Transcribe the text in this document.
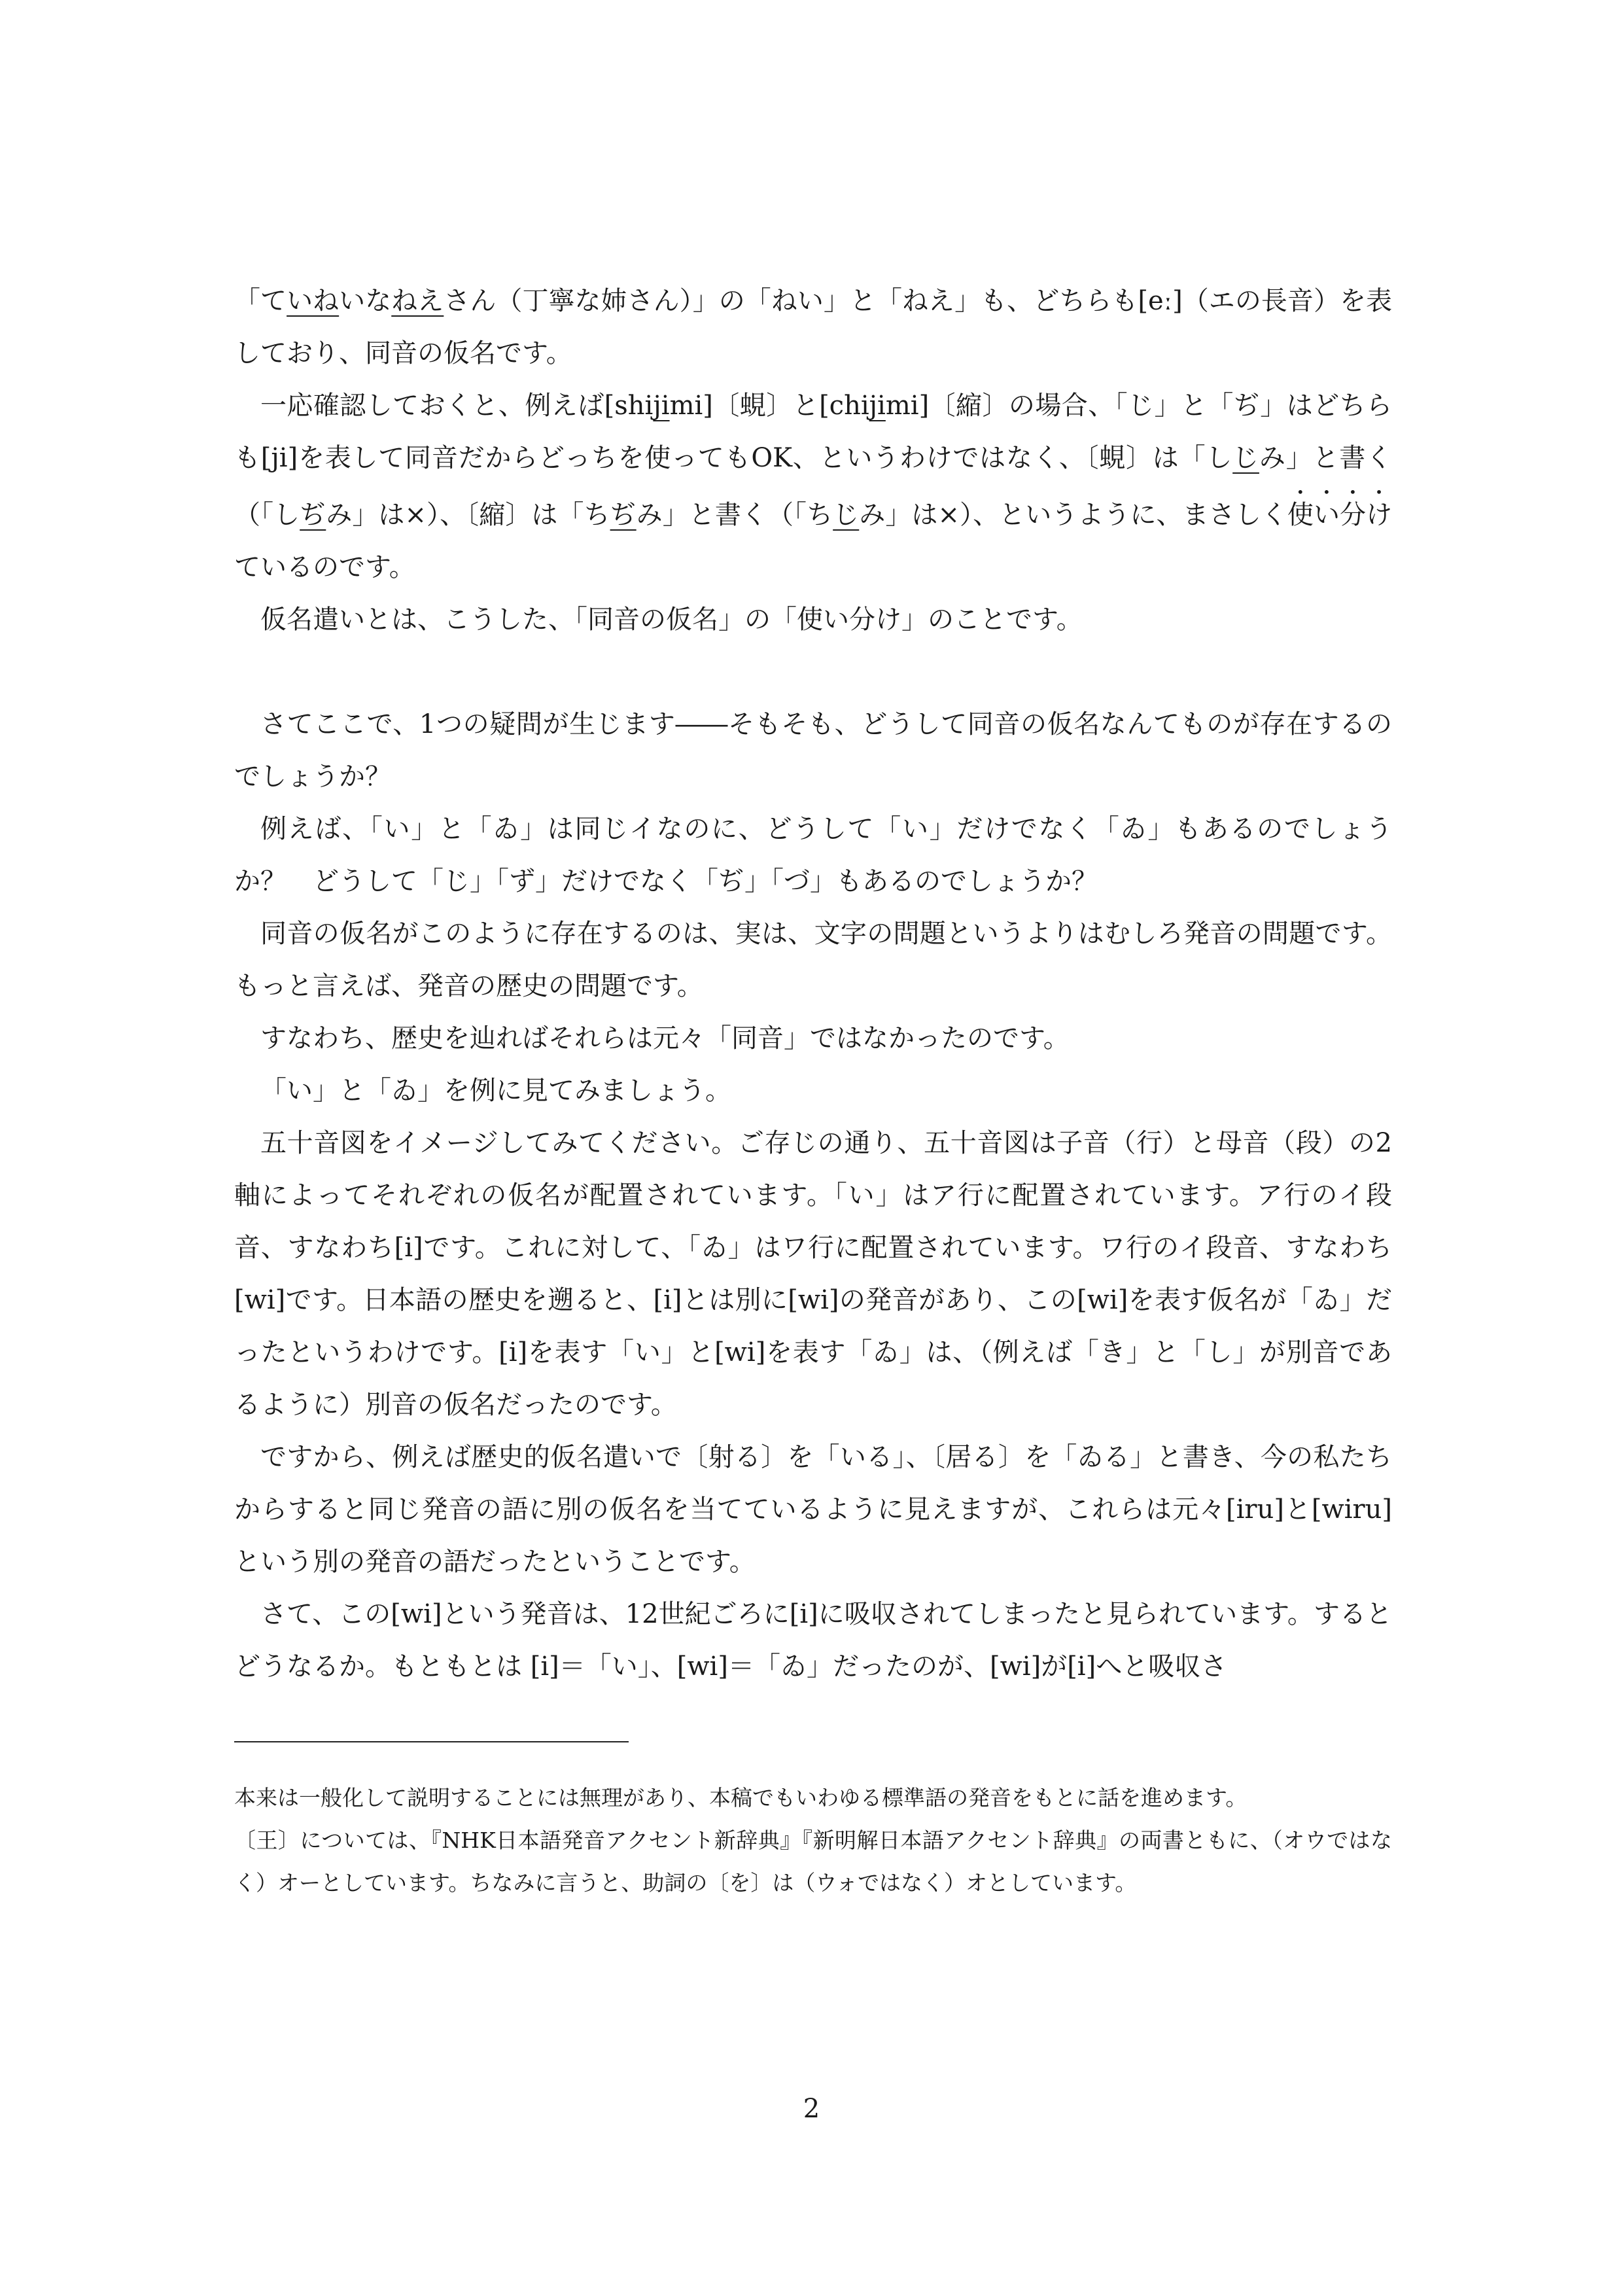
「ていねいなねえさん（丁寧な姉さん）」の「ねい」と「ねえ」も、どちらも[eː]（エの長音）を表しており、同音の仮名です。

一応確認しておくと、例えば[shijimi]〔蜆〕と[chijimi]〔縮〕の場合、「じ」と「ぢ」はどちらも[ji]を表して同音だからどっちを使ってもOK、というわけではなく、〔蜆〕は「しじみ」と書く（「しぢみ」は×）、〔縮〕は「ちぢみ」と書く（「ちじみ」は×）、というように、まさしく使い分けているのです。

仮名遣いとは、こうした、「同音の仮名」の「使い分け」のことです。

さてここで、1つの疑問が生じます――そもそも、どうして同音の仮名なんてものが存在するのでしょうか？

例えば、「い」と「ゐ」は同じイなのに、どうして「い」だけでなく「ゐ」もあるのでしょうか？　どうして「じ」「ず」だけでなく「ぢ」「づ」もあるのでしょうか？

同音の仮名がこのように存在するのは、実は、文字の問題というよりはむしろ発音の問題です。もっと言えば、発音の歴史の問題です。

すなわち、歴史を辿ればそれらは元々「同音」ではなかったのです。

「い」と「ゐ」を例に見てみましょう。

五十音図をイメージしてみてください。ご存じの通り、五十音図は子音（行）と母音（段）の2軸によってそれぞれの仮名が配置されています。「い」はア行に配置されています。ア行のイ段音、すなわち[i]です。これに対して、「ゐ」はワ行に配置されています。ワ行のイ段音、すなわち[wi]です。日本語の歴史を遡ると、[i]とは別に[wi]の発音があり、この[wi]を表す仮名が「ゐ」だったというわけです。[i]を表す「い」と[wi]を表す「ゐ」は、（例えば「き」と「し」が別音であるように）別音の仮名だったのです。

ですから、例えば歴史的仮名遣いで〔射る〕を「いる」、〔居る〕を「ゐる」と書き、今の私たちからすると同じ発音の語に別の仮名を当てているように見えますが、これらは元々[iru]と[wiru]という別の発音の語だったということです。

さて、この[wi]という発音は、12世紀ごろに[i]に吸収されてしまったと見られています。するとどうなるか。もともとは [i]＝「い」、[wi]＝「ゐ」だったのが、[wi]が[i]へと吸収さ

本来は一般化して説明することには無理があり、本稿でもいわゆる標準語の発音をもとに話を進めます。

〔王〕については、『NHK日本語発音アクセント新辞典』『新明解日本語アクセント辞典』の両書ともに、（オウではなく）オーとしています。ちなみに言うと、助詞の〔を〕は（ウォではなく）オとしています。

2
